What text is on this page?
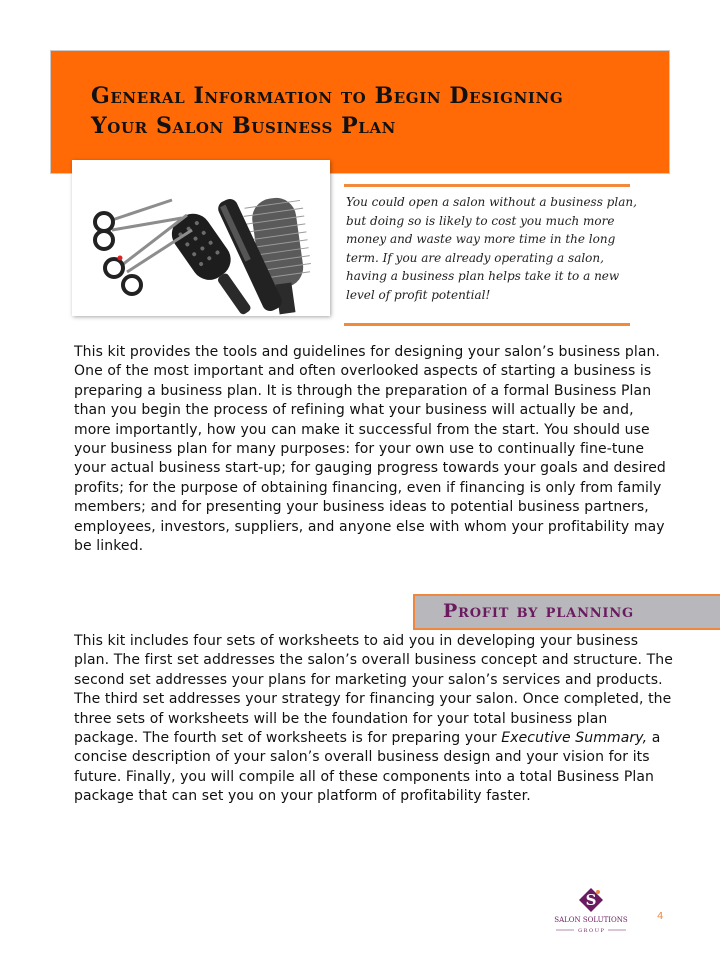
General Information to Begin Designing
Your Salon Business Plan
You could open a salon without a business plan, but doing so is likely to cost you much more money and waste way more time in the long term. If you are already operating a salon, having a business plan helps take it to a new level of profit potential!

This kit provides the tools and guidelines for designing your salon’s business plan. One of the most important and often overlooked aspects of starting a business is preparing a business plan. It is through the preparation of a formal Business Plan than you begin the process of refining what your business will actually be and, more importantly, how you can make it successful from the start. You should use your business plan for many purposes: for your own use to continually fine-tune your actual business start-up; for gauging progress towards your goals and desired profits; for the purpose of obtaining financing, even if financing is only from family members; and for presenting your business ideas to potential business partners, employees, investors, suppliers, and anyone else with whom your profitability may be linked.

Profit by planning

This kit includes four sets of worksheets to aid you in developing your business plan. The first set addresses the salon’s overall business concept and structure. The second set addresses your plans for marketing your salon’s services and products. The third set addresses your strategy for financing your salon. Once completed, the three sets of worksheets will be the foundation for your total business plan package. The fourth set of worksheets is for preparing your Executive Summary, a concise description of your salon’s overall business design and your vision for its future. Finally, you will compile all of these components into a total Business Plan package that can set you on your platform of profitability faster.

S
SALON SOLUTIONS
G R O U P
4
